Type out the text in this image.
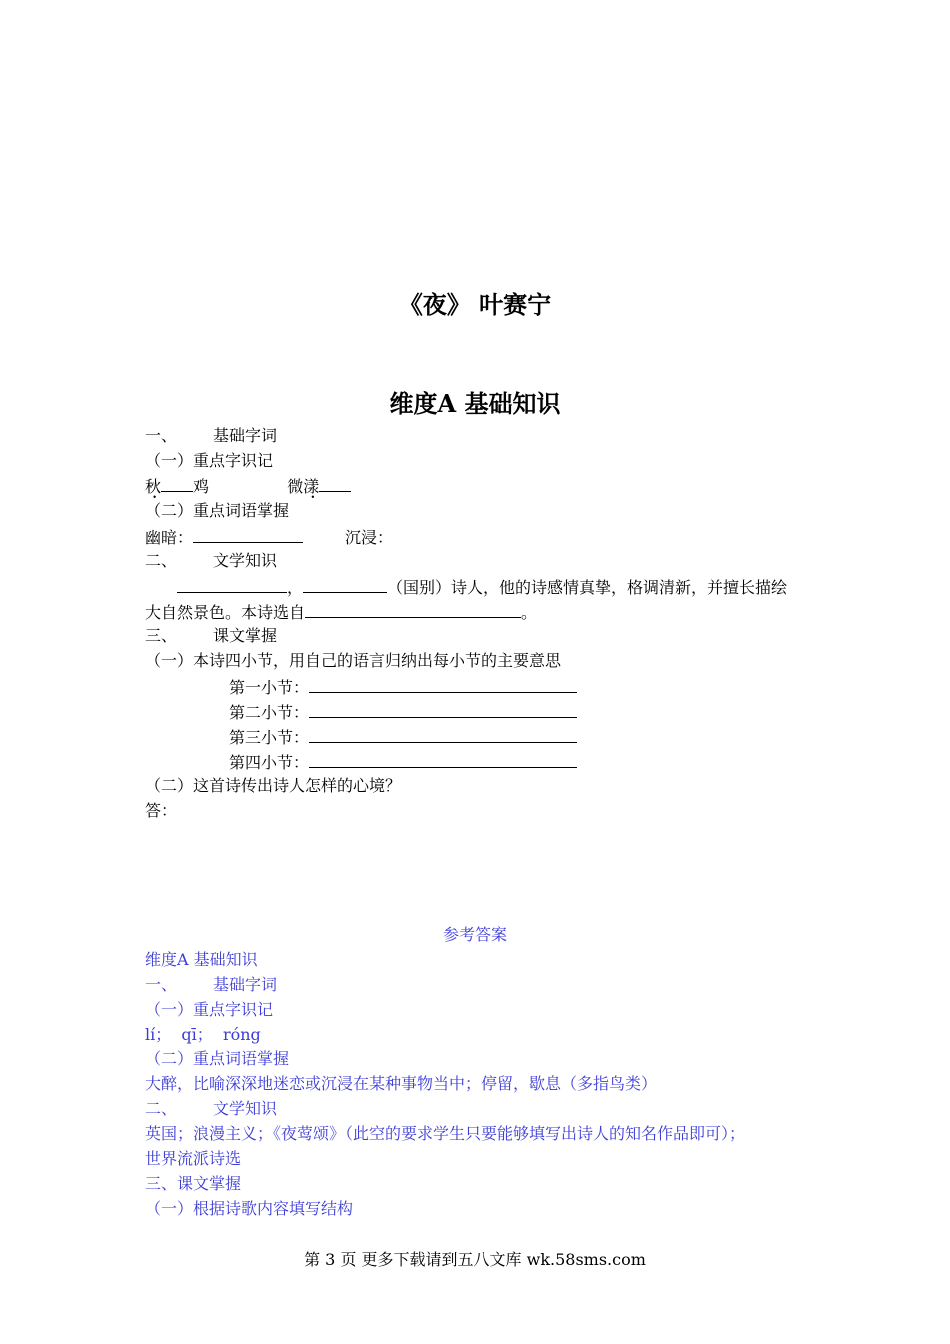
《夜》 叶赛宁
维度A 基础知识
一、 基础字词
（一）重点字识记
秋 鸡	微漾
（二）重点词语掌握
幽暗：	沉浸：
二、 文学知识
，	（国别）诗人，他的诗感情真挚，格调清新，并擅长描绘
大自然景色。本诗选自	。
三、 课文掌握
（一）本诗四小节，用自己的语言归纳出每小节的主要意思
第一小节：
第二小节：
第三小节：
第四小节：
（二）这首诗传出诗人怎样的心境？
答：
参考答案
维度A 基础知识
一、 基础字词
（一）重点字识记
lí；  qī；  róng
（二）重点词语掌握
大醉，比喻深深地迷恋或沉浸在某种事物当中；停留，歇息（多指鸟类）
二、 文学知识
英国；浪漫主义；《夜莺颂》（此空的要求学生只要能够填写出诗人的知名作品即可）；
世界流派诗选
三、课文掌握
（一）根据诗歌内容填写结构
第 3 页 更多下载请到五八文库 wk.58sms.com
